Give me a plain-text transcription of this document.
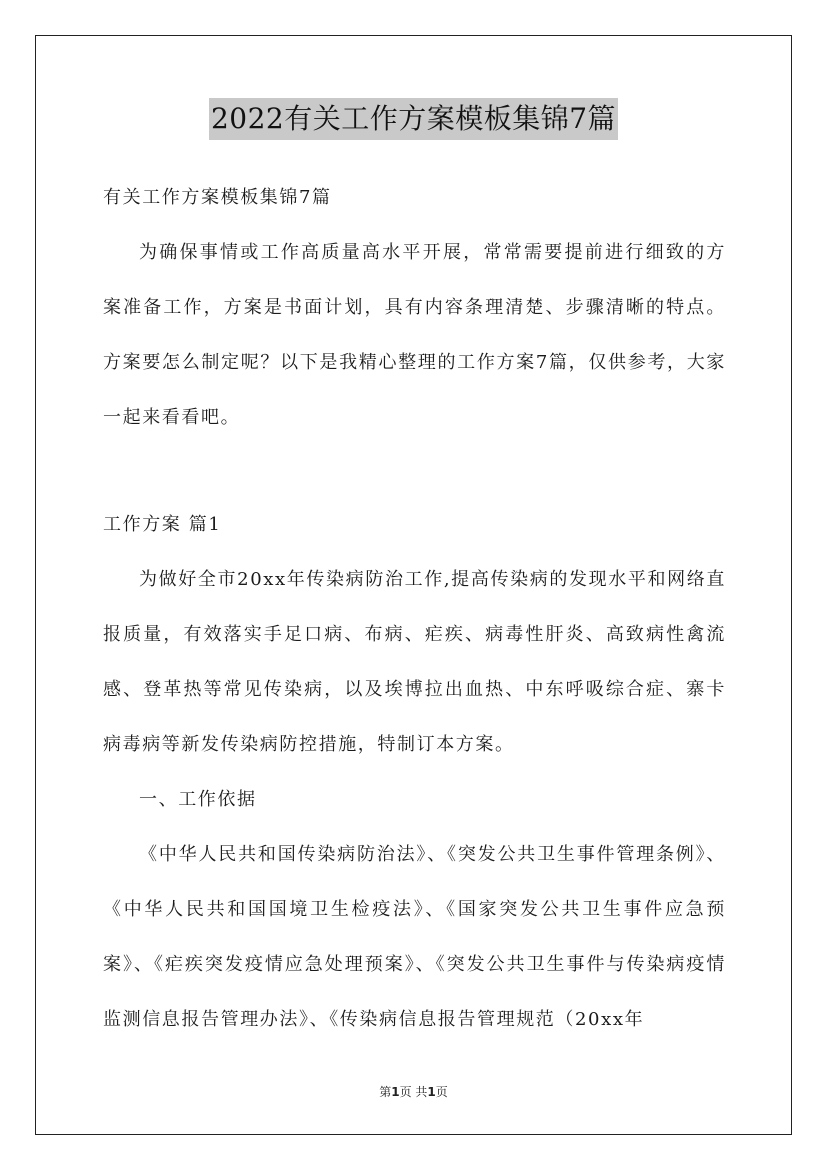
2022有关工作方案模板集锦7篇

有关工作方案模板集锦7篇

为确保事情或工作高质量高水平开展，常常需要提前进行细致的方案准备工作，方案是书面计划，具有内容条理清楚、步骤清晰的特点。方案要怎么制定呢？以下是我精心整理的工作方案7篇，仅供参考，大家一起来看看吧。

工作方案 篇1

为做好全市20xx年传染病防治工作,提高传染病的发现水平和网络直报质量，有效落实手足口病、布病、疟疾、病毒性肝炎、高致病性禽流感、登革热等常见传染病，以及埃博拉出血热、中东呼吸综合症、寨卡病毒病等新发传染病防控措施，特制订本方案。

一、工作依据

《中华人民共和国传染病防治法》、《突发公共卫生事件管理条例》、《中华人民共和国国境卫生检疫法》、《国家突发公共卫生事件应急预案》、《疟疾突发疫情应急处理预案》、《突发公共卫生事件与传染病疫情监测信息报告管理办法》、《传染病信息报告管理规范（20xx年

第1页 共1页
